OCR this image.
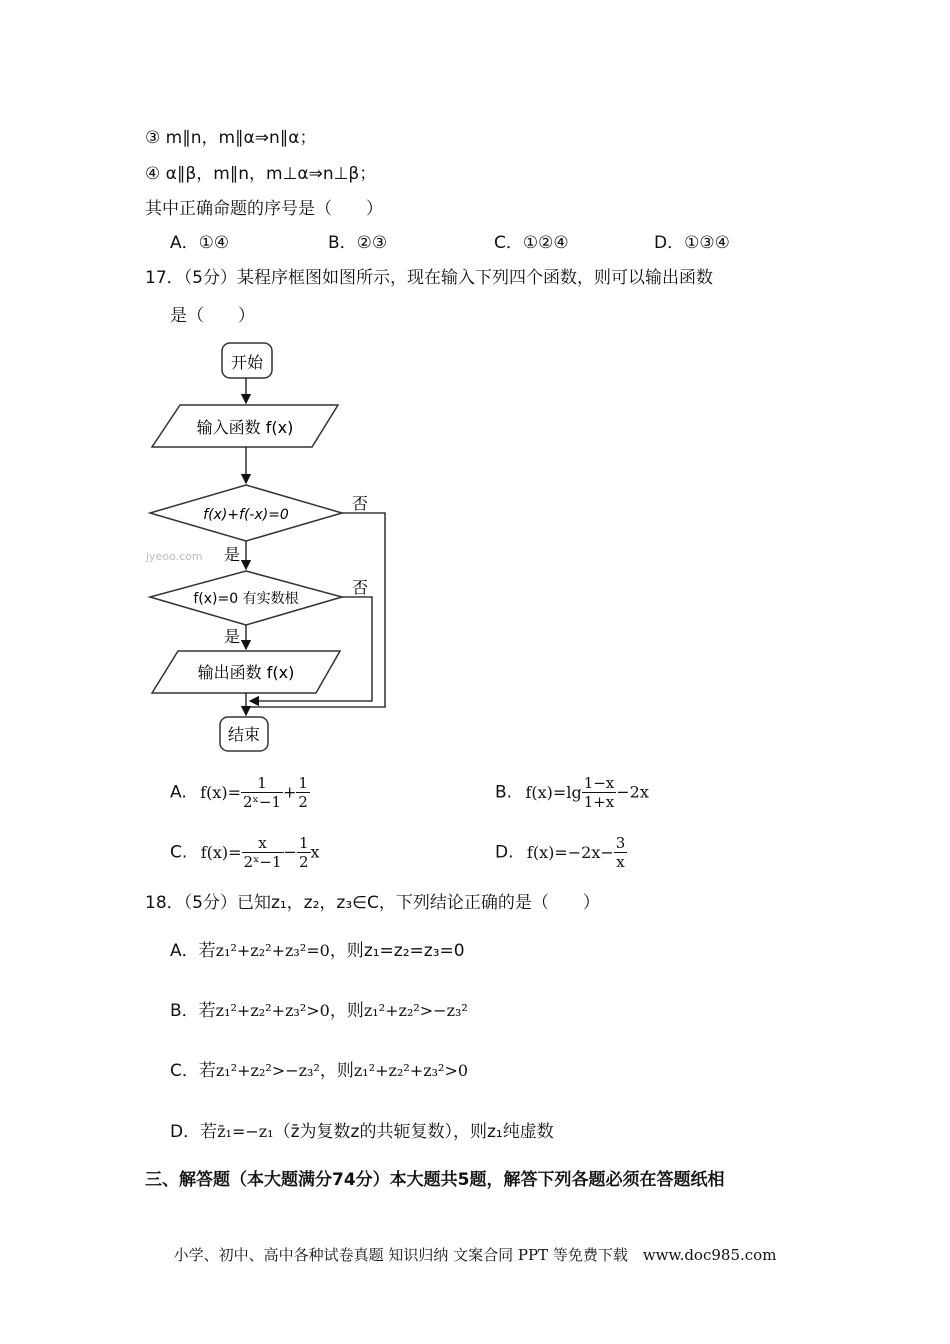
③ m∥n，m∥α⇒n∥α；
④ α∥β，m∥n，m⊥α⇒n⊥β；
其中正确命题的序号是（　　）
A．①④	B．②③	C．①②④	D．①③④
17．（5分）某程序框图如图所示，现在输入下列四个函数，则可以输出函数
是（　　）
开始
输入函数 f(x)
f(x)+f(-x)=0
jyeoo.com 是
否
f(x)=0 有实数根
是
否
输出函数 f(x)
结束
A. $f(x)= \frac{1}{\text{2ˣ−1}} + \frac{1}{2}$	B. $f(x)=\lg \frac{1-x}{1+x} -2x$
C. $f(x)= \frac{x}{\text{2ˣ−1}} - \frac{1}{2}$ x	D. $f(x)=-2x- \frac{3}{x}$
18．（5分）已知z₁，z₂，z₃∈C，下列结论正确的是（　　）
A．若z₁²+z₂²+z₃²=0，则z₁=z₂=z₃=0
B．若z₁²+z₂²+z₃²>0，则z₁²+z₂²>−z₃²
C．若z₁²+z₂²>−z₃²，则z₁²+z₂²+z₃²>0
D．若z̄₁=−z₁（z̄为复数z的共轭复数），则z₁纯虚数
三、解答题（本大题满分74分）本大题共5题，解答下列各题必须在答题纸相
小学、初中、高中各种试卷真题 知识归纳 文案合同 PPT 等免费下载　www.doc985.com
